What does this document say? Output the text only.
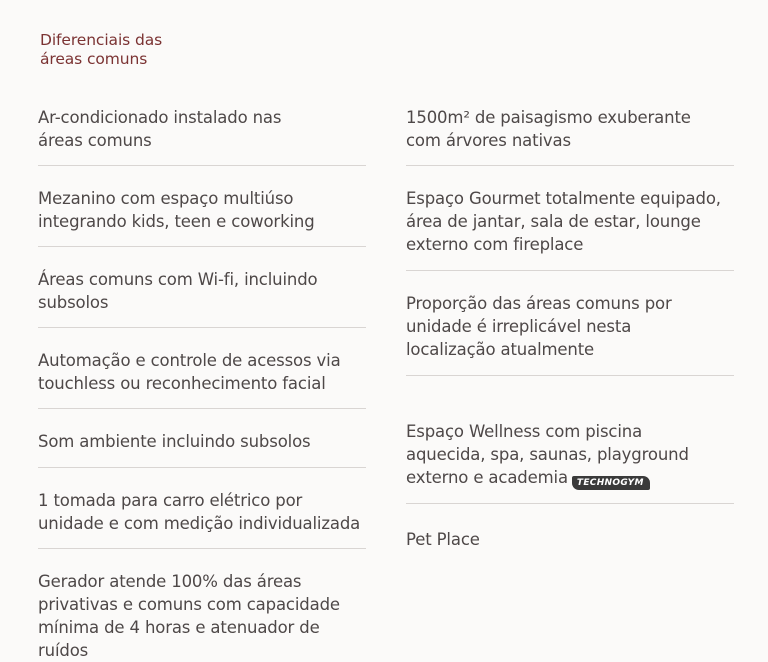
Diferenciais das
áreas comuns

Ar-condicionado instalado nas
áreas comuns

Mezanino com espaço multiúso
integrando kids, teen e coworking

Áreas comuns com Wi-fi, incluindo
subsolos

Automação e controle de acessos via
touchless ou reconhecimento facial

Som ambiente incluindo subsolos

1 tomada para carro elétrico por
unidade e com medição individualizada

Gerador atende 100% das áreas
privativas e comuns com capacidade
mínima de 4 horas e atenuador de ruídos

1500m² de paisagismo exuberante
com árvores nativas

Espaço Gourmet totalmente equipado,
área de jantar, sala de estar, lounge
externo com fireplace

Proporção das áreas comuns por
unidade é irreplicável nesta
localização atualmente

Espaço Wellness com piscina
aquecida, spa, saunas, playground
externo e academia TECHNOGYM

Pet Place
